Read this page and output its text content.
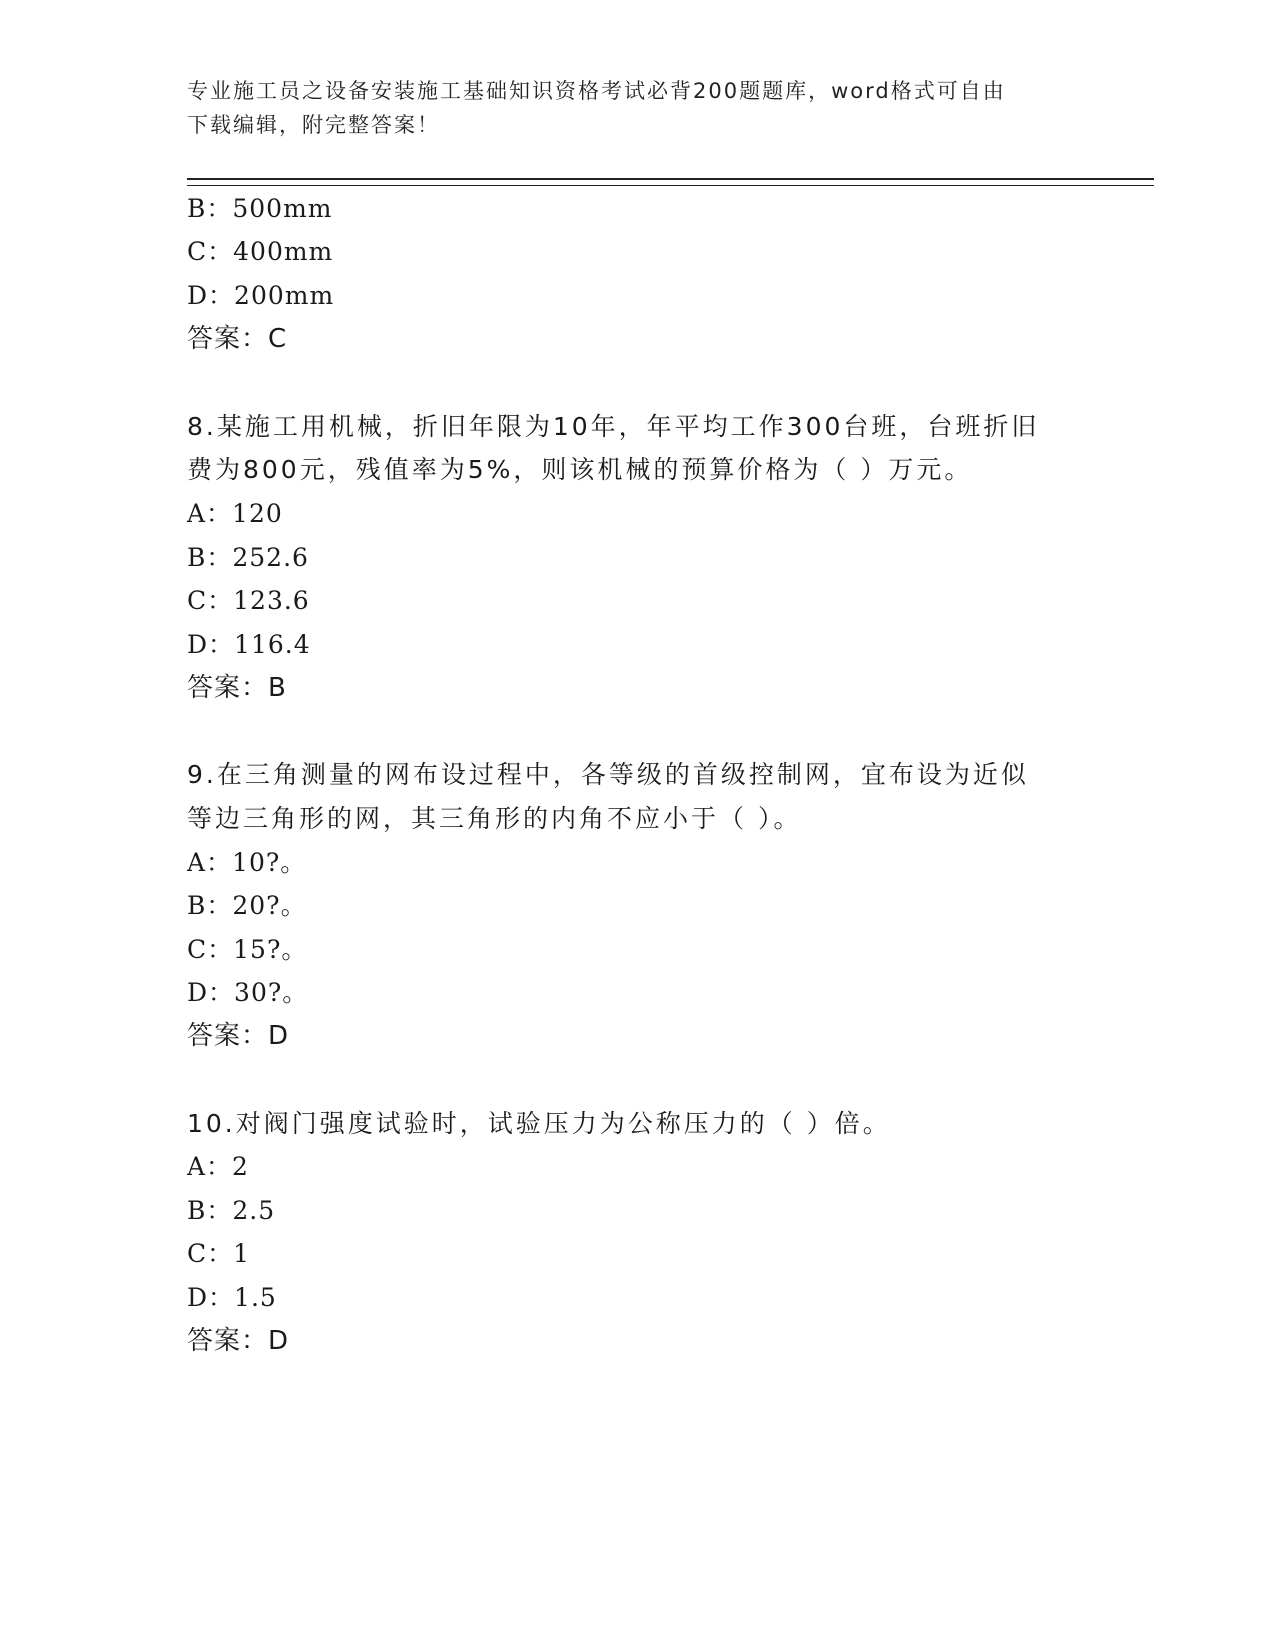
专业施工员之设备安装施工基础知识资格考试必背200题题库，word格式可自由
下载编辑，附完整答案！
B：500mm
C：400mm
D：200mm
答案：C
8.某施工用机械，折旧年限为10年，年平均工作300台班，台班折旧
费为800元，残值率为5%，则该机械的预算价格为（ ）万元。
A：120
B：252.6
C：123.6
D：116.4
答案：B
9.在三角测量的网布设过程中，各等级的首级控制网，宜布设为近似
等边三角形的网，其三角形的内角不应小于（ ）。
A：10?。
B：20?。
C：15?。
D：30?。
答案：D
10.对阀门强度试验时，试验压力为公称压力的（ ）倍。
A：2
B：2.5
C：1
D：1.5
答案：D
